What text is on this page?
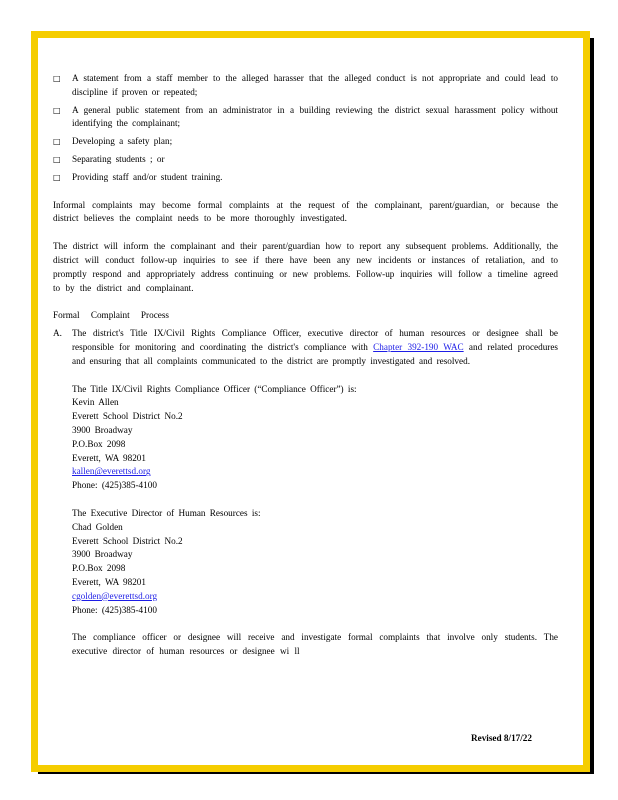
□	A statement from a staff member to the alleged harasser that the alleged conduct is not appropriate and could lead to discipline if proven or repeated;
□	A general public statement from an administrator in a building reviewing the district sexual harassment policy without identifying the complainant;
□	Developing a safety plan;
□	Separating students ; or
□	Providing staff and/or student training.

Informal complaints may become formal complaints at the request of the complainant, parent/guardian, or because the district believes the complaint needs to be more thoroughly investigated.

The district will inform the complainant and their parent/guardian how to report any subsequent problems. Additionally, the district will conduct follow-up inquiries to see if there have been any new incidents or instances of retaliation, and to promptly respond and appropriately address continuing or new problems. Follow-up inquiries will follow a timeline agreed to by the district and complainant.

Formal Complaint Process

A.	The district's Title IX/Civil Rights Compliance Officer, executive director of human resources or designee shall be responsible for monitoring and coordinating the district's compliance with Chapter 392-190 WAC and related procedures and ensuring that all complaints communicated to the district are promptly investigated and resolved.

The Title IX/Civil Rights Compliance Officer (“Compliance Officer”) is:

Kevin Allen

Everett School District No.2

3900 Broadway

P.O.Box 2098

Everett, WA 98201

kallen@everettsd.org

Phone: (425)385-4100

The Executive Director of Human Resources is:

Chad Golden

Everett School District No.2

3900 Broadway

P.O.Box 2098

Everett, WA 98201

cgolden@everettsd.org

Phone: (425)385-4100

The compliance officer or designee will receive and investigate formal complaints that involve only students. The executive director of human resources or designee wi ll

Revised 8/17/22
